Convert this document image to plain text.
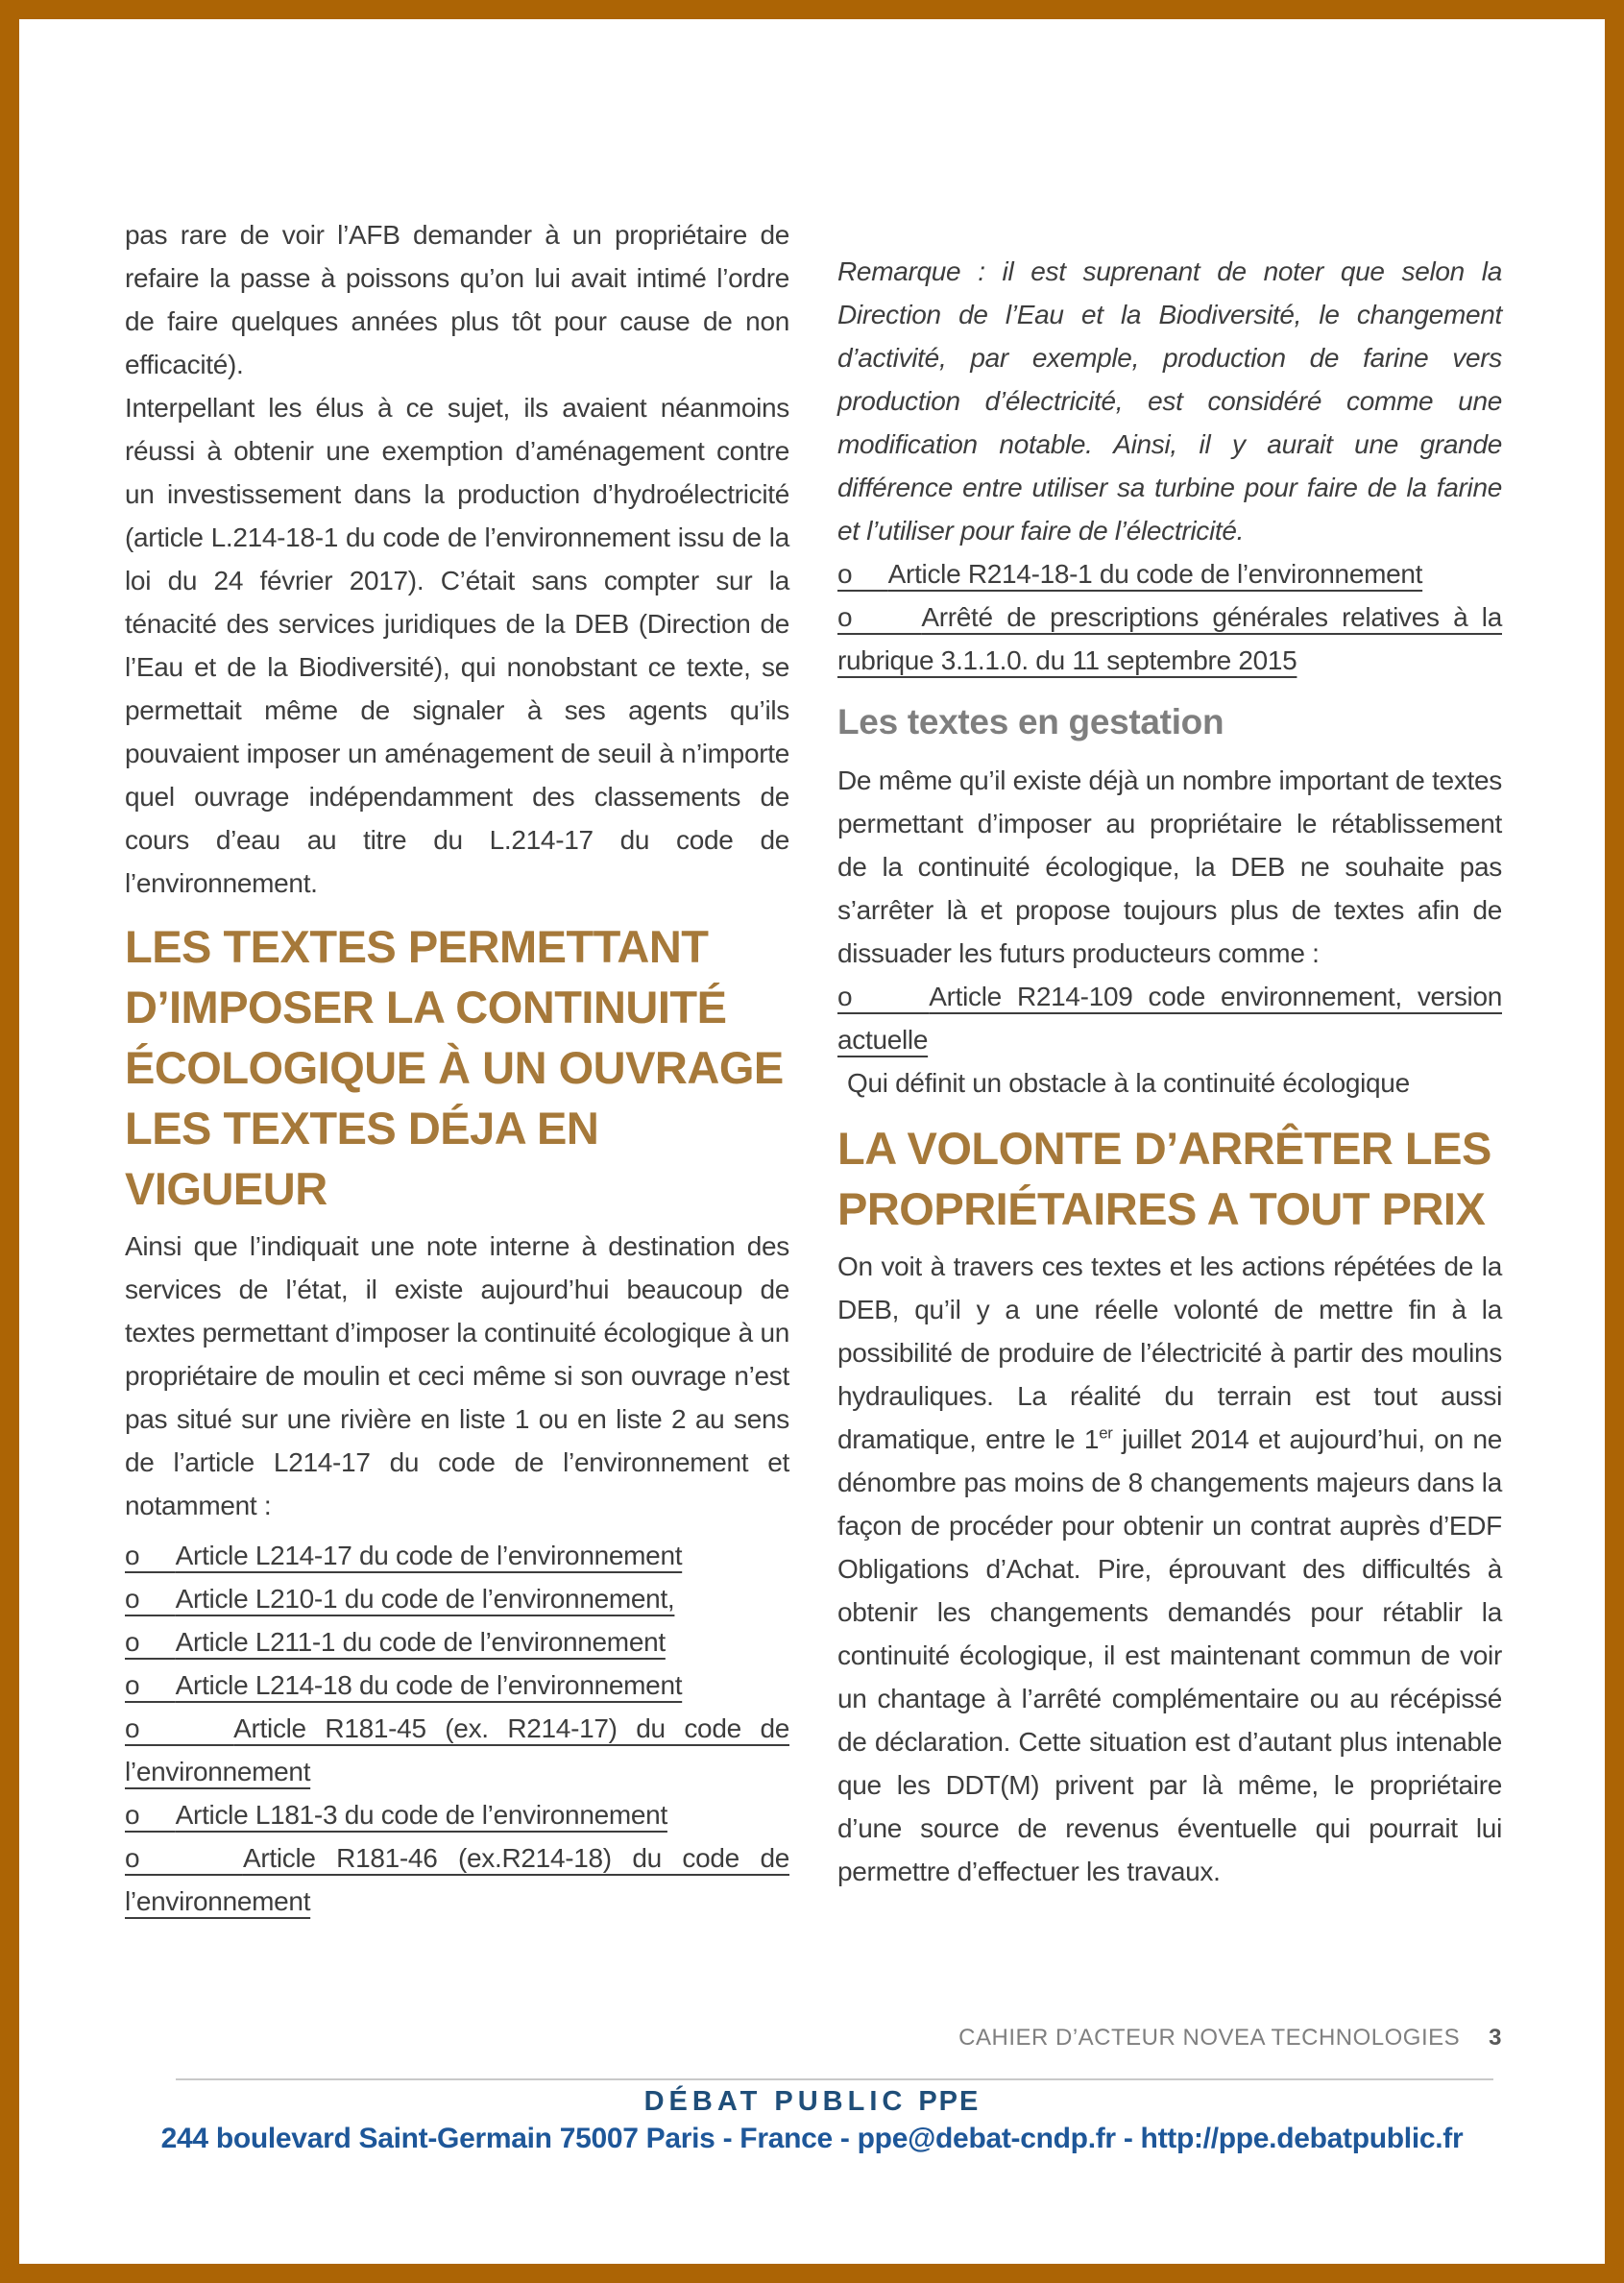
pas rare de voir l’AFB demander à un propriétaire de refaire la passe à poissons qu’on lui avait intimé l’ordre de faire quelques années plus tôt pour cause de non efficacité).

Interpellant les élus à ce sujet, ils avaient néanmoins réussi à obtenir une exemption d’aménagement contre un investissement dans la production d’hydroélectricité (article L.214-18-1 du code de l’environnement issu de la loi du 24 février 2017). C’était sans compter sur la ténacité des services juridiques de la DEB (Direction de l’Eau et de la Biodiversité), qui nonobstant ce texte, se permettait même de signaler à ses agents qu’ils pouvaient imposer un aménagement de seuil à n’importe quel ouvrage indépendamment des classements de cours d’eau au titre du L.214-17 du code de l’environnement.

LES TEXTES PERMETTANT
D’IMPOSER LA CONTINUITÉ
ÉCOLOGIQUE À UN OUVRAGE
LES TEXTES DÉJA EN VIGUEUR

Ainsi que l’indiquait une note interne à destination des services de l’état, il existe aujourd’hui beaucoup de textes permettant d’imposer la continuité écologique à un propriétaire de moulin et ceci même si son ouvrage n’est pas situé sur une rivière en liste 1 ou en liste 2 au sens de l’article L214-17 du code de l’environnement et notamment :

o     Article L214-17 du code de l’environnement
o     Article L210-1 du code de l’environnement,
o     Article L211-1 du code de l’environnement
o     Article L214-18 du code de l’environnement
o     Article R181-45 (ex. R214-17) du code de l’environnement
o     Article L181-3 du code de l’environnement
o     Article R181-46 (ex.R214-18) du code de l’environnement

Remarque : il est suprenant de noter que selon la Direction de l’Eau et la Biodiversité, le changement d’activité, par exemple, production de farine vers production d’électricité, est considéré comme une modification notable. Ainsi, il y aurait une grande différence entre utiliser sa turbine pour faire de la farine et l’utiliser pour faire de l’électricité.

o     Article R214-18-1 du code de l’environnement
o     Arrêté de prescriptions générales relatives à la rubrique 3.1.1.0. du 11 septembre 2015
Les textes en gestation

De même qu’il existe déjà un nombre important de textes permettant d’imposer au propriétaire le rétablissement de la continuité écologique, la DEB ne souhaite pas s’arrêter là et propose toujours plus de textes afin de dissuader les futurs producteurs comme :

o     Article R214-109 code environnement, version actuelle
Qui définit un obstacle à la continuité écologique
LA VOLONTE D’ARRÊTER LES
PROPRIÉTAIRES A TOUT PRIX

On voit à travers ces textes et les actions répétées de la DEB, qu’il y a une réelle volonté de mettre fin à la possibilité de produire de l’électricité à partir des moulins hydrauliques. La réalité du terrain est tout aussi dramatique, entre le 1er juillet 2014 et aujourd’hui, on ne dénombre pas moins de 8 changements majeurs dans la façon de procéder pour obtenir un contrat auprès d’EDF Obligations d’Achat. Pire, éprouvant des difficultés à obtenir les changements demandés pour rétablir la continuité écologique, il est maintenant commun de voir un chantage à l’arrêté complémentaire ou au récépissé de déclaration. Cette situation est d’autant plus intenable que les DDT(M) privent par là même, le propriétaire d’une source de revenus éventuelle qui pourrait lui permettre d’effectuer les travaux.

CAHIER D’ACTEUR NOVEA TECHNOLOGIES 3
DÉBAT PUBLIC PPE
244 boulevard Saint-Germain 75007 Paris - France - ppe@debat-cndp.fr - http://ppe.debatpublic.fr
